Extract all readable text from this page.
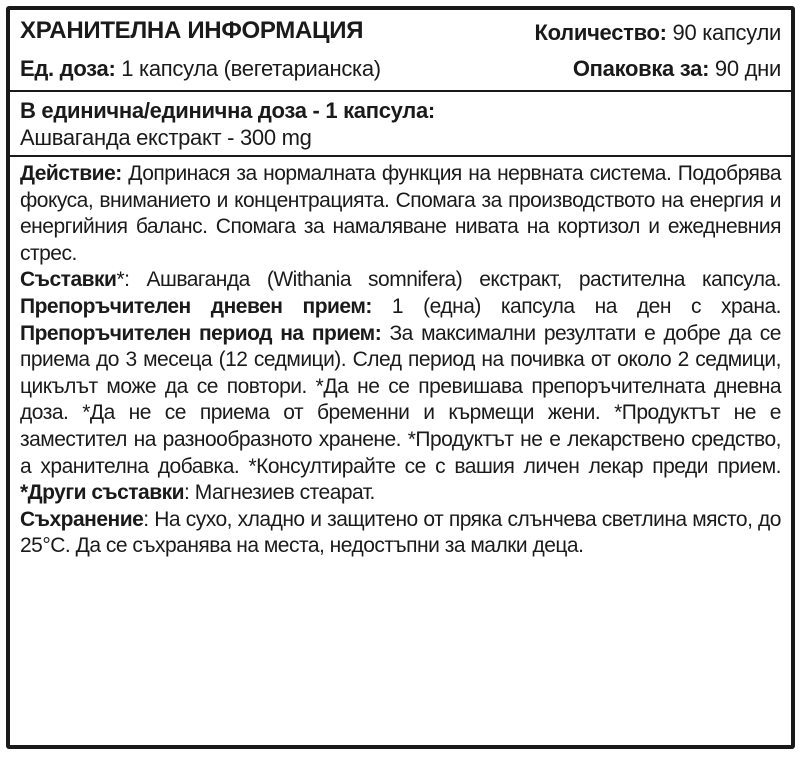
ХРАНИТЕЛНА ИНФОРМАЦИЯ	Количество: 90 капсули
Ед. доза: 1 капсула (вегетарианска)	Опаковка за: 90 дни
В единична/единична доза - 1 капсула:
Ашваганда екстракт - 300 mg

Действие: Допринася за нормалната функция на нервната система. Подобрява фокуса, вниманието и концентрацията. Спомага за производството на енергия и енергийния баланс. Спомага за намаляване нивата на кортизол и ежедневния стрес.

Съставки*: Ашваганда (Withania somnifera) екстракт, растителна капсула. Препоръчителен дневен прием: 1 (една) капсула на ден с храна. Препоръчителен период на прием: За максимални резултати е добре да се приема до 3 месеца (12 седмици). След период на почивка от около 2 седмици, цикълът може да се повтори. *Да не се превишава препоръчителната дневна доза. *Да не се приема от бременни и кърмещи жени. *Продуктът не е заместител на разнообразното хранене. *Продуктът не е лекарствено средство, а хранителна добавка. *Консултирайте се с вашия личен лекар преди прием. *Други съставки: Магнезиев стеарат.

Съхранение: На сухо, хладно и защитено от пряка слънчева светлина място, до 25°С. Да се съхранява на места, недостъпни за малки деца.
